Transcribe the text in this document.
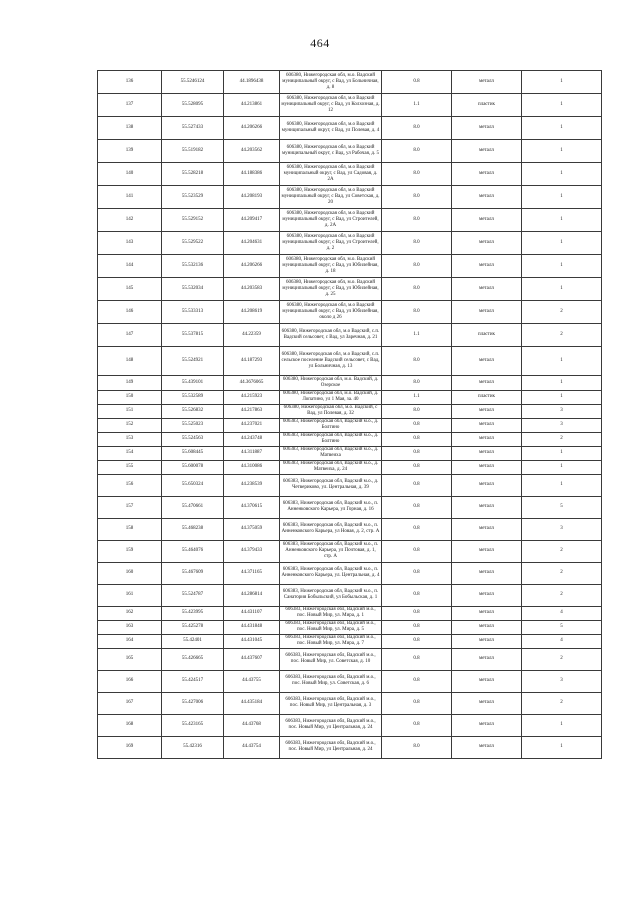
464
136	55.5246124	44.1896438	606380, Нижегородская обл, м.о. Вадский муниципальный округ, с Вад, ул Больничная, д. 8	0.8	металл	1
137	55.528095	44.213861	606380, Нижегородская обл, м.о Вадский муниципальный округ, с Вад, ул Колхозная, д. 12	1.1	пластик	1
138	55.527433	44.206266	606380, Нижегородская обл, м.о Вадский муниципальный округ, с Вад, ул Полевая, д. 4	8.0	металл	1
139	55.519182	44.203562	606380, Нижегородская обл, м.о Вадский муниципальный округ, с Вад, ул Рабочая, д. 5	8.0	металл	1
140	55.528218	44.188386	606380, Нижегородская обл, м.о Вадский муниципальный округ, с Вад, ул Садовая, д. 2А	8.0	металл	1
141	55.523529	44.208193	606380, Нижегородская обл, м.о Вадский муниципальный округ, с Вад, ул Советская, д. 20	8.0	металл	1
142	55.529152	44.209417	606380, Нижегородская обл, м.о Вадский муниципальный округ, с Вад, ул Строителей, д. 2А	8.0	металл	1
143	55.529522	44.204631	606380, Нижегородская обл, м.о Вадский муниципальный округ, с Вад, ул Строителей, д. 2	8.0	металл	1
144	55.532136	44.206266	606380, Нижегородская обл, м.о. Вадский муниципальный округ, с Вад, ул Юбилейная, д. 18	8.0	металл	1
145	55.532034	44.203583	606380, Нижегородская обл, м.о. Вадский муниципальный округ, с Вад, ул Юбилейная, д. 25	8.0	металл	1
146	55.533313	44.208619	606380, Нижегородская обл, м.о Вадский муниципальный округ, с Вад, ул Юбилейная, около д 26	8.0	металл	2
147	55.537815	44.22359	606380, Нижегородская обл, м.о Вадский, с.п. Вадский сельсовет, с Вад, ул Заречная, д. 21	1.1	пластик	2
148	55.524921	44.187293	606380, Нижегородская обл, м.о Вадский, с.п. сельское поселение Вадский сельсовет, с Вад, ул Больничная, д. 13	8.0	металл	1
149	55.439101	44.3676065	606380, Нижегородская обл, м.о. Вадский, д. Озерское	8.0	металл	1
150	55.532589	44.215923	606380, Нижегородская обл, м.о. Вадский, д. Лопатино, ул 1 Мая, за. 40	1.1	пластик	1
151	55.526832	44.217863	606380, Нижегородская обл, м.о. Вадский, с Вад, ул Полевая, д. 32	8.0	металл	3
152	55.525023	44.237021	606383, Нижегородская обл, Вадский м.о., д. Болтино	0.8	металл	3
153	55.524563	44.243748	606383, Нижегородская обл, Вадский м.о., д. Болтино	0.8	металл	2
154	55.608445	44.311887	606383, Нижегородская обл, Вадский м.о., д. Матвеиха	0.8	металл	1
155	55.600078	44.310086	606383, Нижегородская обл, Вадский м.о., д. Матвеиха, д. 24	0.8	металл	1
156	55.650324	44.238539	606383, Нижегородская обл, Вадский м.о., д. Четвериково, ул. Центральная, д. 39	0.8	металл	1
157	55.470661	44.370615	606383, Нижегородская обл, Вадский м.о., п. Анненковского Карьера, ул Горная, д. 16	0.8	металл	5
158	55.468238	44.375059	606383, Нижегородская обл, Вадский м.о., п. Анненковского Карьера, ул Новая, д. 2, стр. А	0.8	металл	3
159	55.464076	44.379433	606383, Нижегородская обл, Вадский м.о., п. Анненковского Карьера, ул Почтовая, д. 1, стр. А	0.8	металл	2
160	55.467609	44.371165	606383, Нижегородская обл, Вадский м.о., п. Анненковского Карьера, ул. Центральная, д. 4	0.8	металл	2
161	55.524787	44.286814	606383, Нижегородская обл, Вадский м.о., п. Санатория Бобыльский, ул Бобыльская, д. 1	0.8	металл	2
162	55.423995	44.431107	606383, Нижегородская обл, Вадский м.о., пос. Новый Мир, ул. Мира, д. 1	0.8	металл	4
163	55.425278	44.431848	606383, Нижегородская обл, Вадский м.о., пос. Новый Мир, ул. Мира, д. 5	0.8	металл	5
164	55.42401	44.431045	606383, Нижегородская обл, Вадский м.о., пос. Новый Мир, ул. Мира, д. 7	0.8	металл	4
165	55.426665	44.437607	606383, Нижегородская обл, Вадский м.о., пос. Новый Мир, ул. Советская, д. 10	0.8	металл	2
166	55.424517	44.43755	606383, Нижегородская обл, Вадский м.о., пос. Новый Мир, ул. Советская, д. 6	0.8	металл	3
167	55.427006	44.435184	606383, Нижегородская обл, Вадский м.о., пос. Новый Мир, ул Центральная, д. 3	0.8	металл	2
168	55.423165	44.43768	606383, Нижегородская обл, Вадский м.о., пос. Новый Мир, ул Центральная, д. 24	0.8	металл	1
169	55.42316	44.43754	606383, Нижегородская обл, Вадский м.о., пос. Новый Мир, ул Центральная, д. 24	8.0	металл	1
